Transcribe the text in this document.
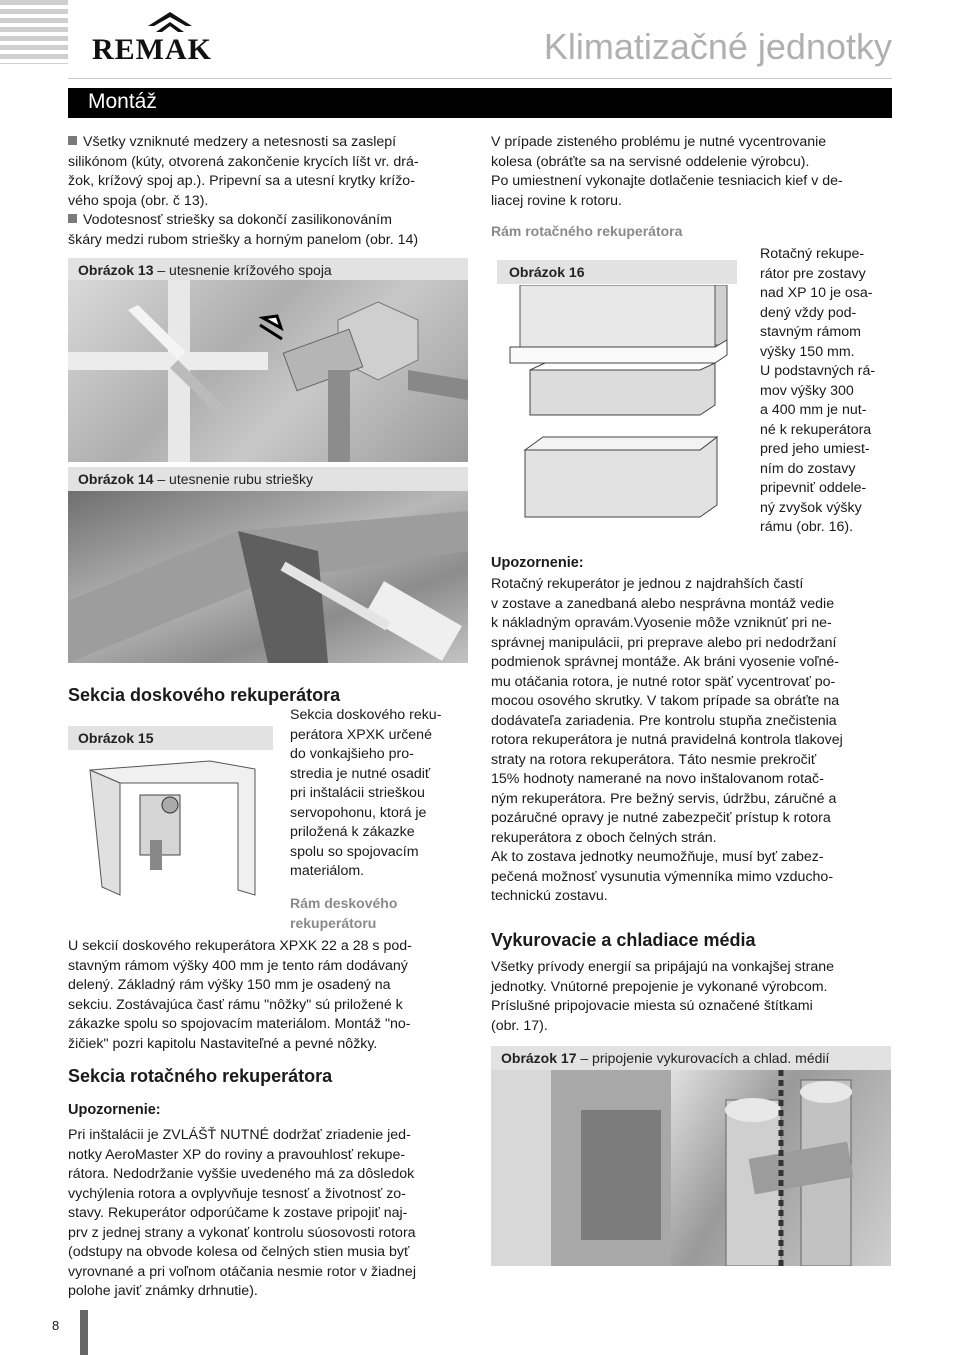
REMAK	Klimatizačné jednotky
Montáž
Všetky vzniknuté medzery a netesnosti sa zaslepí
silikónom (kúty, otvorená zakončenie krycích líšt vr. drá-
žok, krížový spoj ap.). Pripevní sa a utesní krytky krížo-
vého spoja (obr. č 13).
Vodotesnosť striešky sa dokončí zasilikonováním
škáry medzi rubom striešky a horným panelom (obr. 14)
Obrázok 13 – utesnenie krížového spoja
Obrázok 14 – utesnenie rubu striešky
Sekcia doskového rekuperátora
Obrázok 15
Sekcia doskového reku-
perátora XPXK určené
do vonkajšieho pro-
stredia je nutné osadiť
pri inštalácii strieškou
servopohonu, ktorá je
priložená k zákazke
spolu so spojovacím
materiálom.
Rám deskového
rekuperátoru
U sekcií doskového rekuperátora XPXK 22 a 28 s pod-
stavným rámom výšky 400 mm je tento rám dodávaný
delený. Základný rám výšky 150 mm je osadený na
sekciu. Zostávajúca časť rámu "nôžky" sú priložené k
zákazke spolu so spojovacím materiálom. Montáž "no-
žičiek" pozri kapitolu Nastaviteľné a pevné nôžky.
Sekcia rotačného rekuperátora
Upozornenie:
Pri inštalácii je ZVLÁŠŤ NUTNÉ dodržať zriadenie jed-
notky AeroMaster XP do roviny a pravouhlosť rekupe-
rátora. Nedodržanie vyššie uvedeného má za dôsledok
vychýlenia rotora a ovplyvňuje tesnosť a životnosť zo-
stavy. Rekuperátor odporúčame k zostave pripojiť naj-
prv z jednej strany a vykonať kontrolu súosovosti rotora
(odstupy na obvode kolesa od čelných stien musia byť
vyrovnané a pri voľnom otáčania nesmie rotor v žiadnej
polohe javiť známky drhnutie).
V prípade zisteného problému je nutné vycentrovanie
kolesa (obráťte sa na servisné oddelenie výrobcu).
Po umiestnení vykonajte dotlačenie tesniacich kief v de-
liacej rovine k rotoru.
Rám rotačného rekuperátora
Obrázok 16
Rotačný rekupe-
rátor pre zostavy
nad XP 10 je osa-
dený vždy pod-
stavným rámom
výšky 150 mm.
U podstavných rá-
mov výšky 300
a 400 mm je nut-
né k rekuperátora
pred jeho umiest-
ním do zostavy
pripevniť oddele-
ný zvyšok výšky
rámu (obr. 16).
Upozornenie:
Rotačný rekuperátor je jednou z najdrahších častí
v zostave a zanedbaná alebo nesprávna montáž vedie
k nákladným opravám.Vyosenie môže vzniknúť pri ne-
správnej manipulácii, pri preprave alebo pri nedodržaní
podmienok správnej montáže. Ak bráni vyosenie voľné-
mu otáčania rotora, je nutné rotor späť vycentrovať po-
mocou osového skrutky. V takom prípade sa obráťte na
dodávateľa zariadenia. Pre kontrolu stupňa znečistenia
rotora rekuperátora je nutná pravidelná kontrola tlakovej
straty na rotora rekuperátora. Táto nesmie prekročiť
15% hodnoty namerané na novo inštalovanom rotač-
ným rekuperátora. Pre bežný servis, údržbu, záručné a
pozáručné opravy je nutné zabezpečiť prístup k rotora
rekuperátora z oboch čelných strán.
Ak to zostava jednotky neumožňuje, musí byť zabez-
pečená možnosť vysunutia výmenníka mimo vzducho-
technickú zostavu.
Vykurovacie a chladiace média
Všetky prívody energií sa pripájajú na vonkajšej strane
jednotky. Vnútorné prepojenie je vykonané výrobcom.
Príslušné pripojovacie miesta sú označené štítkami
(obr. 17).
Obrázok 17 – pripojenie vykurovacích a chlad. médií
8
